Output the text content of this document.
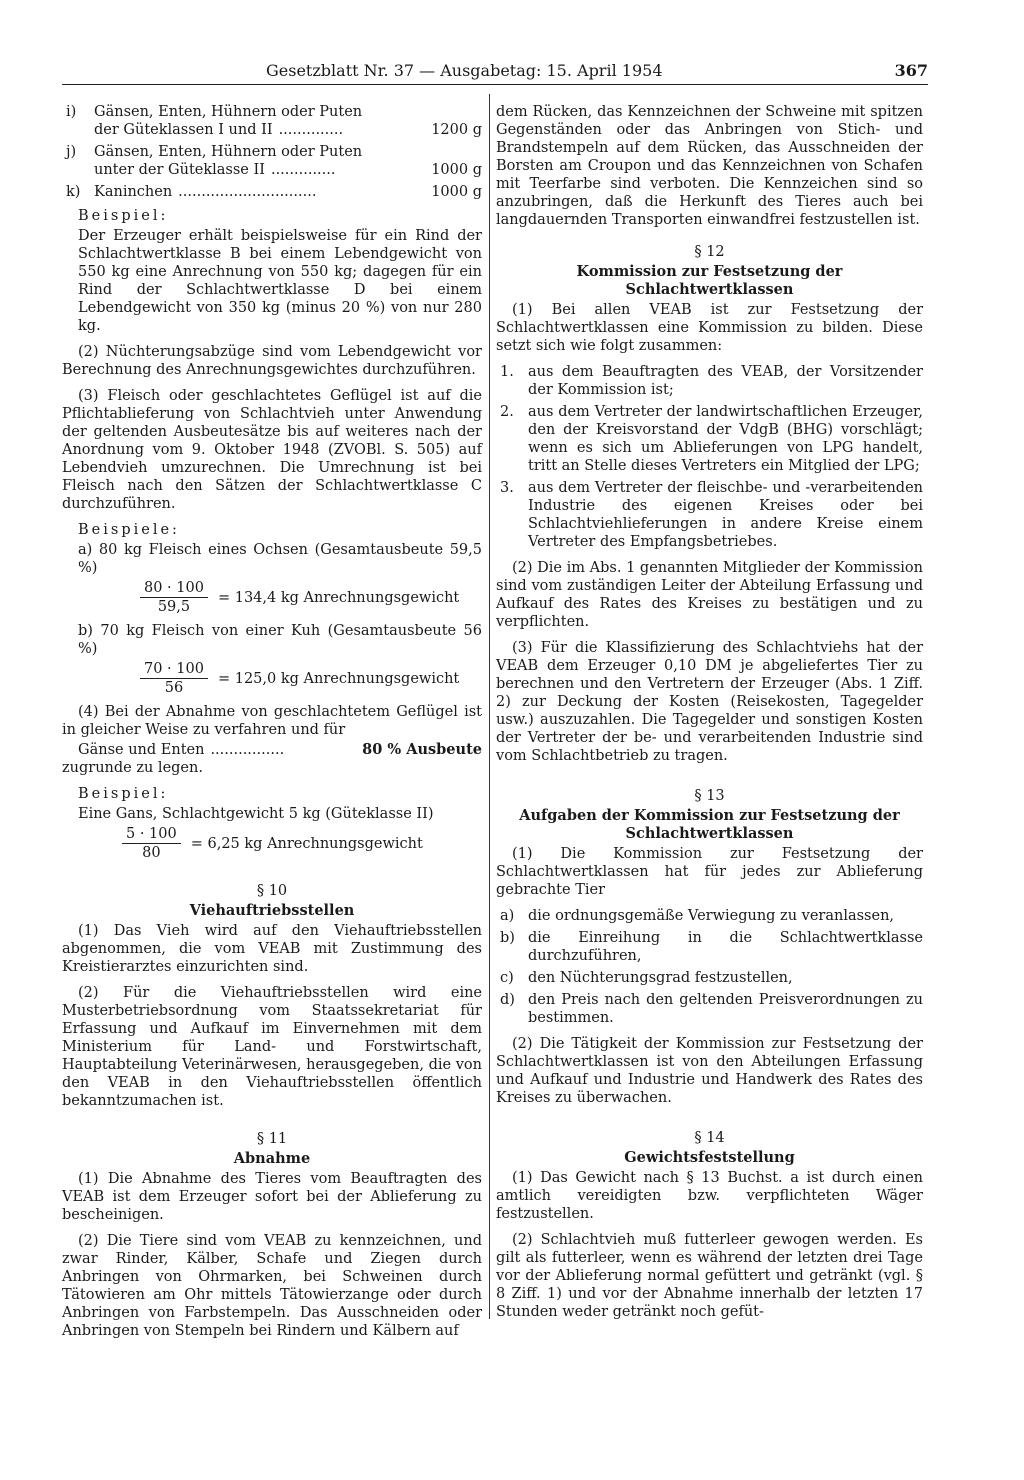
Gesetzblatt Nr. 37 — Ausgabetag: 15. April 1954	367
i)	Gänsen, Enten, Hühnern oder Puten
der Güteklassen I und II ..............	1200 g
j)	Gänsen, Enten, Hühnern oder Puten
unter der Güteklasse II ..............	1000 g
k) Kaninchen ..............................	1000 g
Beispiel:

Der Erzeuger erhält beispielsweise für ein Rind der Schlachtwertklasse B bei einem Lebendgewicht von 550 kg eine Anrechnung von 550 kg; dagegen für ein Rind der Schlachtwertklasse D bei einem Lebendgewicht von 350 kg (minus 20 %) von nur 280 kg.

(2) Nüchterungsabzüge sind vom Lebendgewicht vor Berechnung des Anrechnungsgewichtes durchzuführen.

(3) Fleisch oder geschlachtetes Geflügel ist auf die Pflichtablieferung von Schlachtvieh unter Anwendung der geltenden Ausbeutesätze bis auf weiteres nach der Anordnung vom 9. Oktober 1948 (ZVOBl. S. 505) auf Lebendvieh umzurechnen. Die Umrechnung ist bei Fleisch nach den Sätzen der Schlachtwertklasse C durchzuführen.

Beispiele:

a) 80 kg Fleisch eines Ochsen (Gesamtausbeute 59,5 %)

$\frac{80 \cdot 100}{59,5} = 134,4$ kg Anrechnungsgewicht

b) 70 kg Fleisch von einer Kuh (Gesamtausbeute 56 %)

$\frac{70 \cdot 100}{56} = 125,0$ kg Anrechnungsgewicht

(4) Bei der Abnahme von geschlachtetem Geflügel ist in gleicher Weise zu verfahren und für

Gänse und Enten ................	80 % Ausbeute

zugrunde zu legen.

Beispiel:

Eine Gans, Schlachtgewicht 5 kg (Güteklasse II)

$\frac{5 \cdot 100}{80} = 6,25$ kg Anrechnungsgewicht
§ 10
Viehauftriebsstellen

(1) Das Vieh wird auf den Viehauftriebsstellen abgenommen, die vom VEAB mit Zustimmung des Kreistierarztes einzurichten sind.

(2) Für die Viehauftriebsstellen wird eine Musterbetriebsordnung vom Staatssekretariat für Erfassung und Aufkauf im Einvernehmen mit dem Ministerium für Land- und Forstwirtschaft, Hauptabteilung Veterinärwesen, herausgegeben, die von den VEAB in den Viehauftriebsstellen öffentlich bekanntzumachen ist.

§ 11
Abnahme

(1) Die Abnahme des Tieres vom Beauftragten des VEAB ist dem Erzeuger sofort bei der Ablieferung zu bescheinigen.

(2) Die Tiere sind vom VEAB zu kennzeichnen, und zwar Rinder, Kälber, Schafe und Ziegen durch Anbringen von Ohrmarken, bei Schweinen durch Tätowieren am Ohr mittels Tätowierzange oder durch Anbringen von Farbstempeln. Das Ausschneiden oder Anbringen von Stempeln bei Rindern und Kälbern auf

dem Rücken, das Kennzeichnen der Schweine mit spitzen Gegenständen oder das Anbringen von Stich- und Brandstempeln auf dem Rücken, das Ausschneiden der Borsten am Croupon und das Kennzeichnen von Schafen mit Teerfarbe sind verboten. Die Kennzeichen sind so anzubringen, daß die Herkunft des Tieres auch bei langdauernden Transporten einwandfrei festzustellen ist.

§ 12
Kommission zur Festsetzung der Schlachtwertklassen

(1) Bei allen VEAB ist zur Festsetzung der Schlachtwertklassen eine Kommission zu bilden. Diese setzt sich wie folgt zusammen:

1. aus dem Beauftragten des VEAB, der Vorsitzender der Kommission ist;
2. aus dem Vertreter der landwirtschaftlichen Erzeuger, den der Kreisvorstand der VdgB (BHG) vorschlägt; wenn es sich um Ablieferungen von LPG handelt, tritt an Stelle dieses Vertreters ein Mitglied der LPG;
3. aus dem Vertreter der fleischbe- und -verarbeitenden Industrie des eigenen Kreises oder bei Schlachtviehlieferungen in andere Kreise einem Vertreter des Empfangsbetriebes.

(2) Die im Abs. 1 genannten Mitglieder der Kommission sind vom zuständigen Leiter der Abteilung Erfassung und Aufkauf des Rates des Kreises zu bestätigen und zu verpflichten.

(3) Für die Klassifizierung des Schlachtviehs hat der VEAB dem Erzeuger 0,10 DM je abgeliefertes Tier zu berechnen und den Vertretern der Erzeuger (Abs. 1 Ziff. 2) zur Deckung der Kosten (Reisekosten, Tagegelder usw.) auszuzahlen. Die Tagegelder und sonstigen Kosten der Vertreter der be- und verarbeitenden Industrie sind vom Schlachtbetrieb zu tragen.

§ 13
Aufgaben der Kommission zur Festsetzung der Schlachtwertklassen

(1) Die Kommission zur Festsetzung der Schlachtwertklassen hat für jedes zur Ablieferung gebrachte Tier

a) die ordnungsgemäße Verwiegung zu veranlassen,
b) die Einreihung in die Schlachtwertklasse durchzuführen,
c) den Nüchterungsgrad festzustellen,
d) den Preis nach den geltenden Preisverordnungen zu bestimmen.

(2) Die Tätigkeit der Kommission zur Festsetzung der Schlachtwertklassen ist von den Abteilungen Erfassung und Aufkauf und Industrie und Handwerk des Rates des Kreises zu überwachen.

§ 14
Gewichtsfeststellung

(1) Das Gewicht nach § 13 Buchst. a ist durch einen amtlich vereidigten bzw. verpflichteten Wäger festzustellen.

(2) Schlachtvieh muß futterleer gewogen werden. Es gilt als futterleer, wenn es während der letzten drei Tage vor der Ablieferung normal gefüttert und getränkt (vgl. § 8 Ziff. 1) und vor der Abnahme innerhalb der letzten 17 Stunden weder getränkt noch gefüt-
